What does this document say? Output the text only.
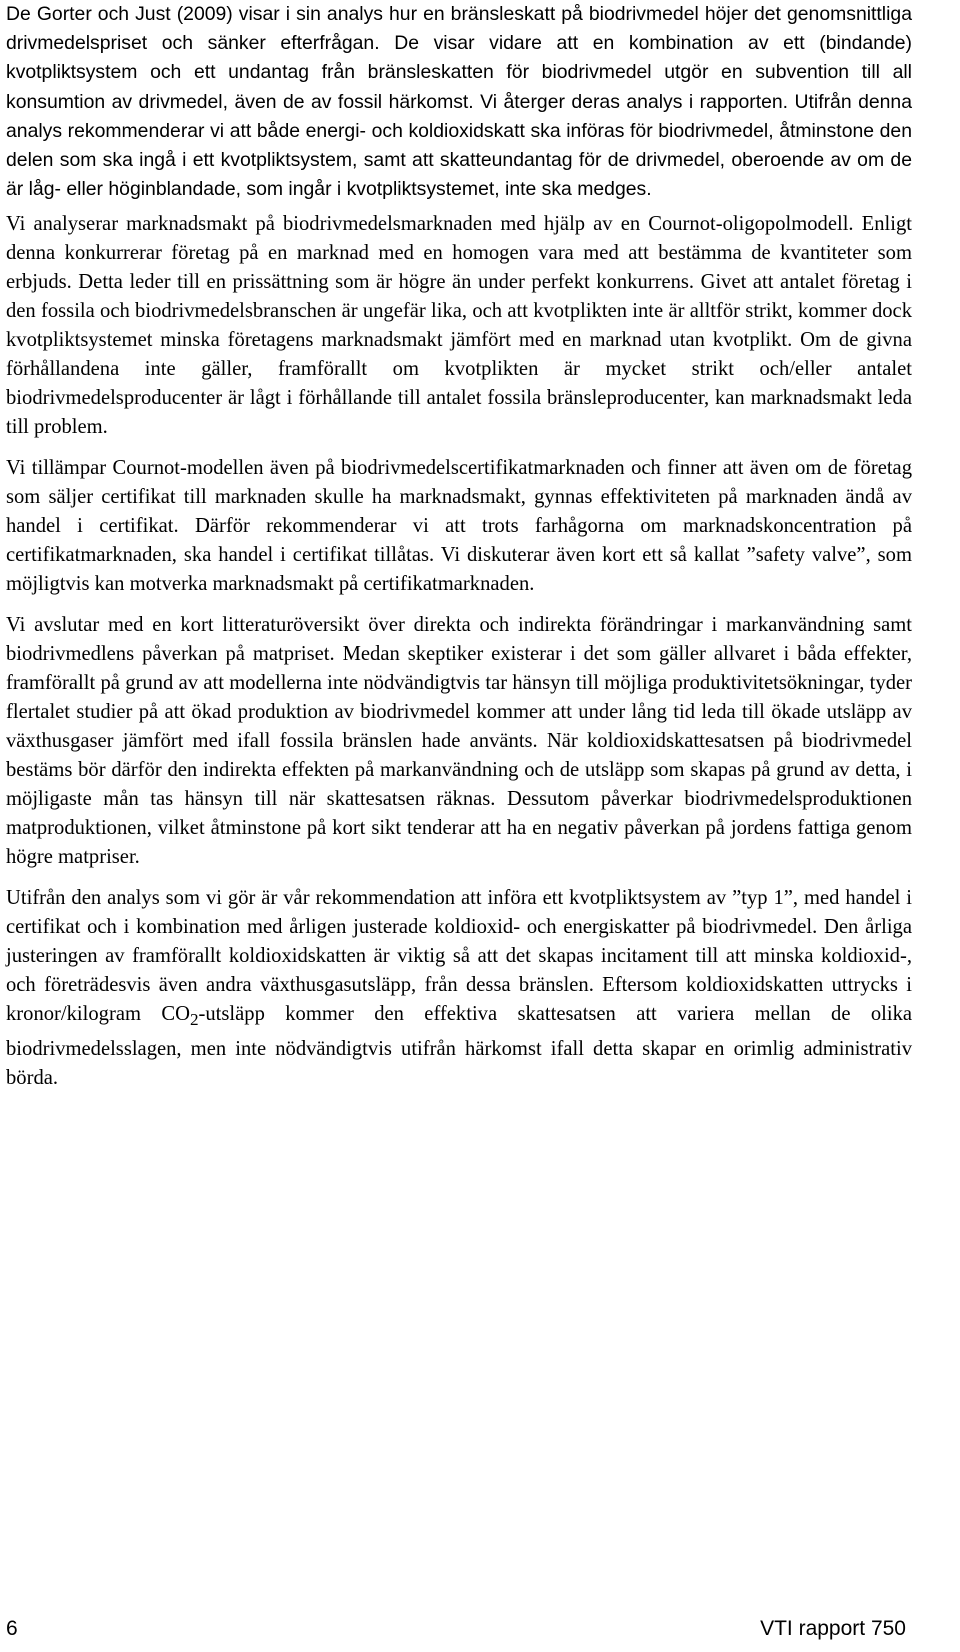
De Gorter och Just (2009) visar i sin analys hur en bränsleskatt på biodrivmedel höjer det genomsnittliga drivmedelspriset och sänker efterfrågan. De visar vidare att en kombination av ett (bindande) kvotpliktsystem och ett undantag från bränsleskatten för biodrivmedel utgör en subvention till all konsumtion av drivmedel, även de av fossil härkomst. Vi återger deras analys i rapporten. Utifrån denna analys rekommenderar vi att både energi- och koldioxidskatt ska införas för biodrivmedel, åtminstone den delen som ska ingå i ett kvotpliktsystem, samt att skatteundantag för de drivmedel, oberoende av om de är låg- eller höginblandade, som ingår i kvotpliktsystemet, inte ska medges.

Vi analyserar marknadsmakt på biodrivmedelsmarknaden med hjälp av en Cournot-oligopolmodell. Enligt denna konkurrerar företag på en marknad med en homogen vara med att bestämma de kvantiteter som erbjuds. Detta leder till en prissättning som är högre än under perfekt konkurrens. Givet att antalet företag i den fossila och biodrivmedelsbranschen är ungefär lika, och att kvotplikten inte är alltför strikt, kommer dock kvotpliktsystemet minska företagens marknadsmakt jämfört med en marknad utan kvotplikt. Om de givna förhållandena inte gäller, framförallt om kvotplikten är mycket strikt och/eller antalet biodrivmedelsproducenter är lågt i förhållande till antalet fossila bränsleproducenter, kan marknadsmakt leda till problem.

Vi tillämpar Cournot-modellen även på biodrivmedelscertifikatmarknaden och finner att även om de företag som säljer certifikat till marknaden skulle ha marknadsmakt, gynnas effektiviteten på marknaden ändå av handel i certifikat. Därför rekommenderar vi att trots farhågorna om marknadskoncentration på certifikatmarknaden, ska handel i certifikat tillåtas. Vi diskuterar även kort ett så kallat ”safety valve”, som möjligtvis kan motverka marknadsmakt på certifikatmarknaden.

Vi avslutar med en kort litteraturöversikt över direkta och indirekta förändringar i markanvändning samt biodrivmedlens påverkan på matpriset. Medan skeptiker existerar i det som gäller allvaret i båda effekter, framförallt på grund av att modellerna inte nödvändigtvis tar hänsyn till möjliga produktivitetsökningar, tyder flertalet studier på att ökad produktion av biodrivmedel kommer att under lång tid leda till ökade utsläpp av växthusgaser jämfört med ifall fossila bränslen hade använts. När koldioxidskattesatsen på biodrivmedel bestäms bör därför den indirekta effekten på markanvändning och de utsläpp som skapas på grund av detta, i möjligaste mån tas hänsyn till när skattesatsen räknas. Dessutom påverkar biodrivmedelsproduktionen matproduktionen, vilket åtminstone på kort sikt tenderar att ha en negativ påverkan på jordens fattiga genom högre matpriser.

Utifrån den analys som vi gör är vår rekommendation att införa ett kvotpliktsystem av ”typ 1”, med handel i certifikat och i kombination med årligen justerade koldioxid- och energiskatter på biodrivmedel. Den årliga justeringen av framförallt koldioxidskatten är viktig så att det skapas incitament till att minska koldioxid-, och företrädesvis även andra växthusgasutsläpp, från dessa bränslen. Eftersom koldioxidskatten uttrycks i kronor/kilogram $CO_2$-utsläpp kommer den effektiva skattesatsen att variera mellan de olika biodrivmedelsslagen, men inte nödvändigtvis utifrån härkomst ifall detta skapar en orimlig administrativ börda.

6	VTI rapport 750
